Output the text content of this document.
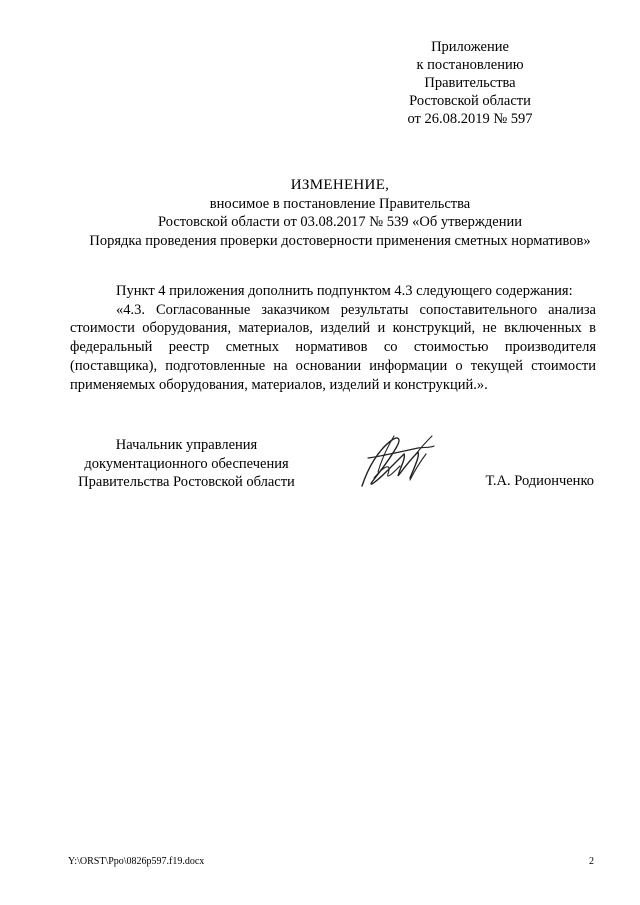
Приложение
к постановлению
Правительства
Ростовской области
от 26.08.2019 № 597
ИЗМЕНЕНИЕ,
вносимое в постановление Правительства
Ростовской области от 03.08.2017 № 539 «Об утверждении
Порядка проведения проверки достоверности применения сметных нормативов»
Пункт 4 приложения дополнить подпунктом 4.3 следующего содержания:
«4.3. Согласованные заказчиком результаты сопоставительного анализа стоимости оборудования, материалов, изделий и конструкций, не включенных в федеральный реестр сметных нормативов со стоимостью производителя (поставщика), подготовленные на основании информации о текущей стоимости применяемых оборудования, материалов, изделий и конструкций.».
Начальник управления
документационного обеспечения
Правительства Ростовской области	Т.А. Родионченко
Y:\ORST\Ppo\0826p597.f19.docx	2
